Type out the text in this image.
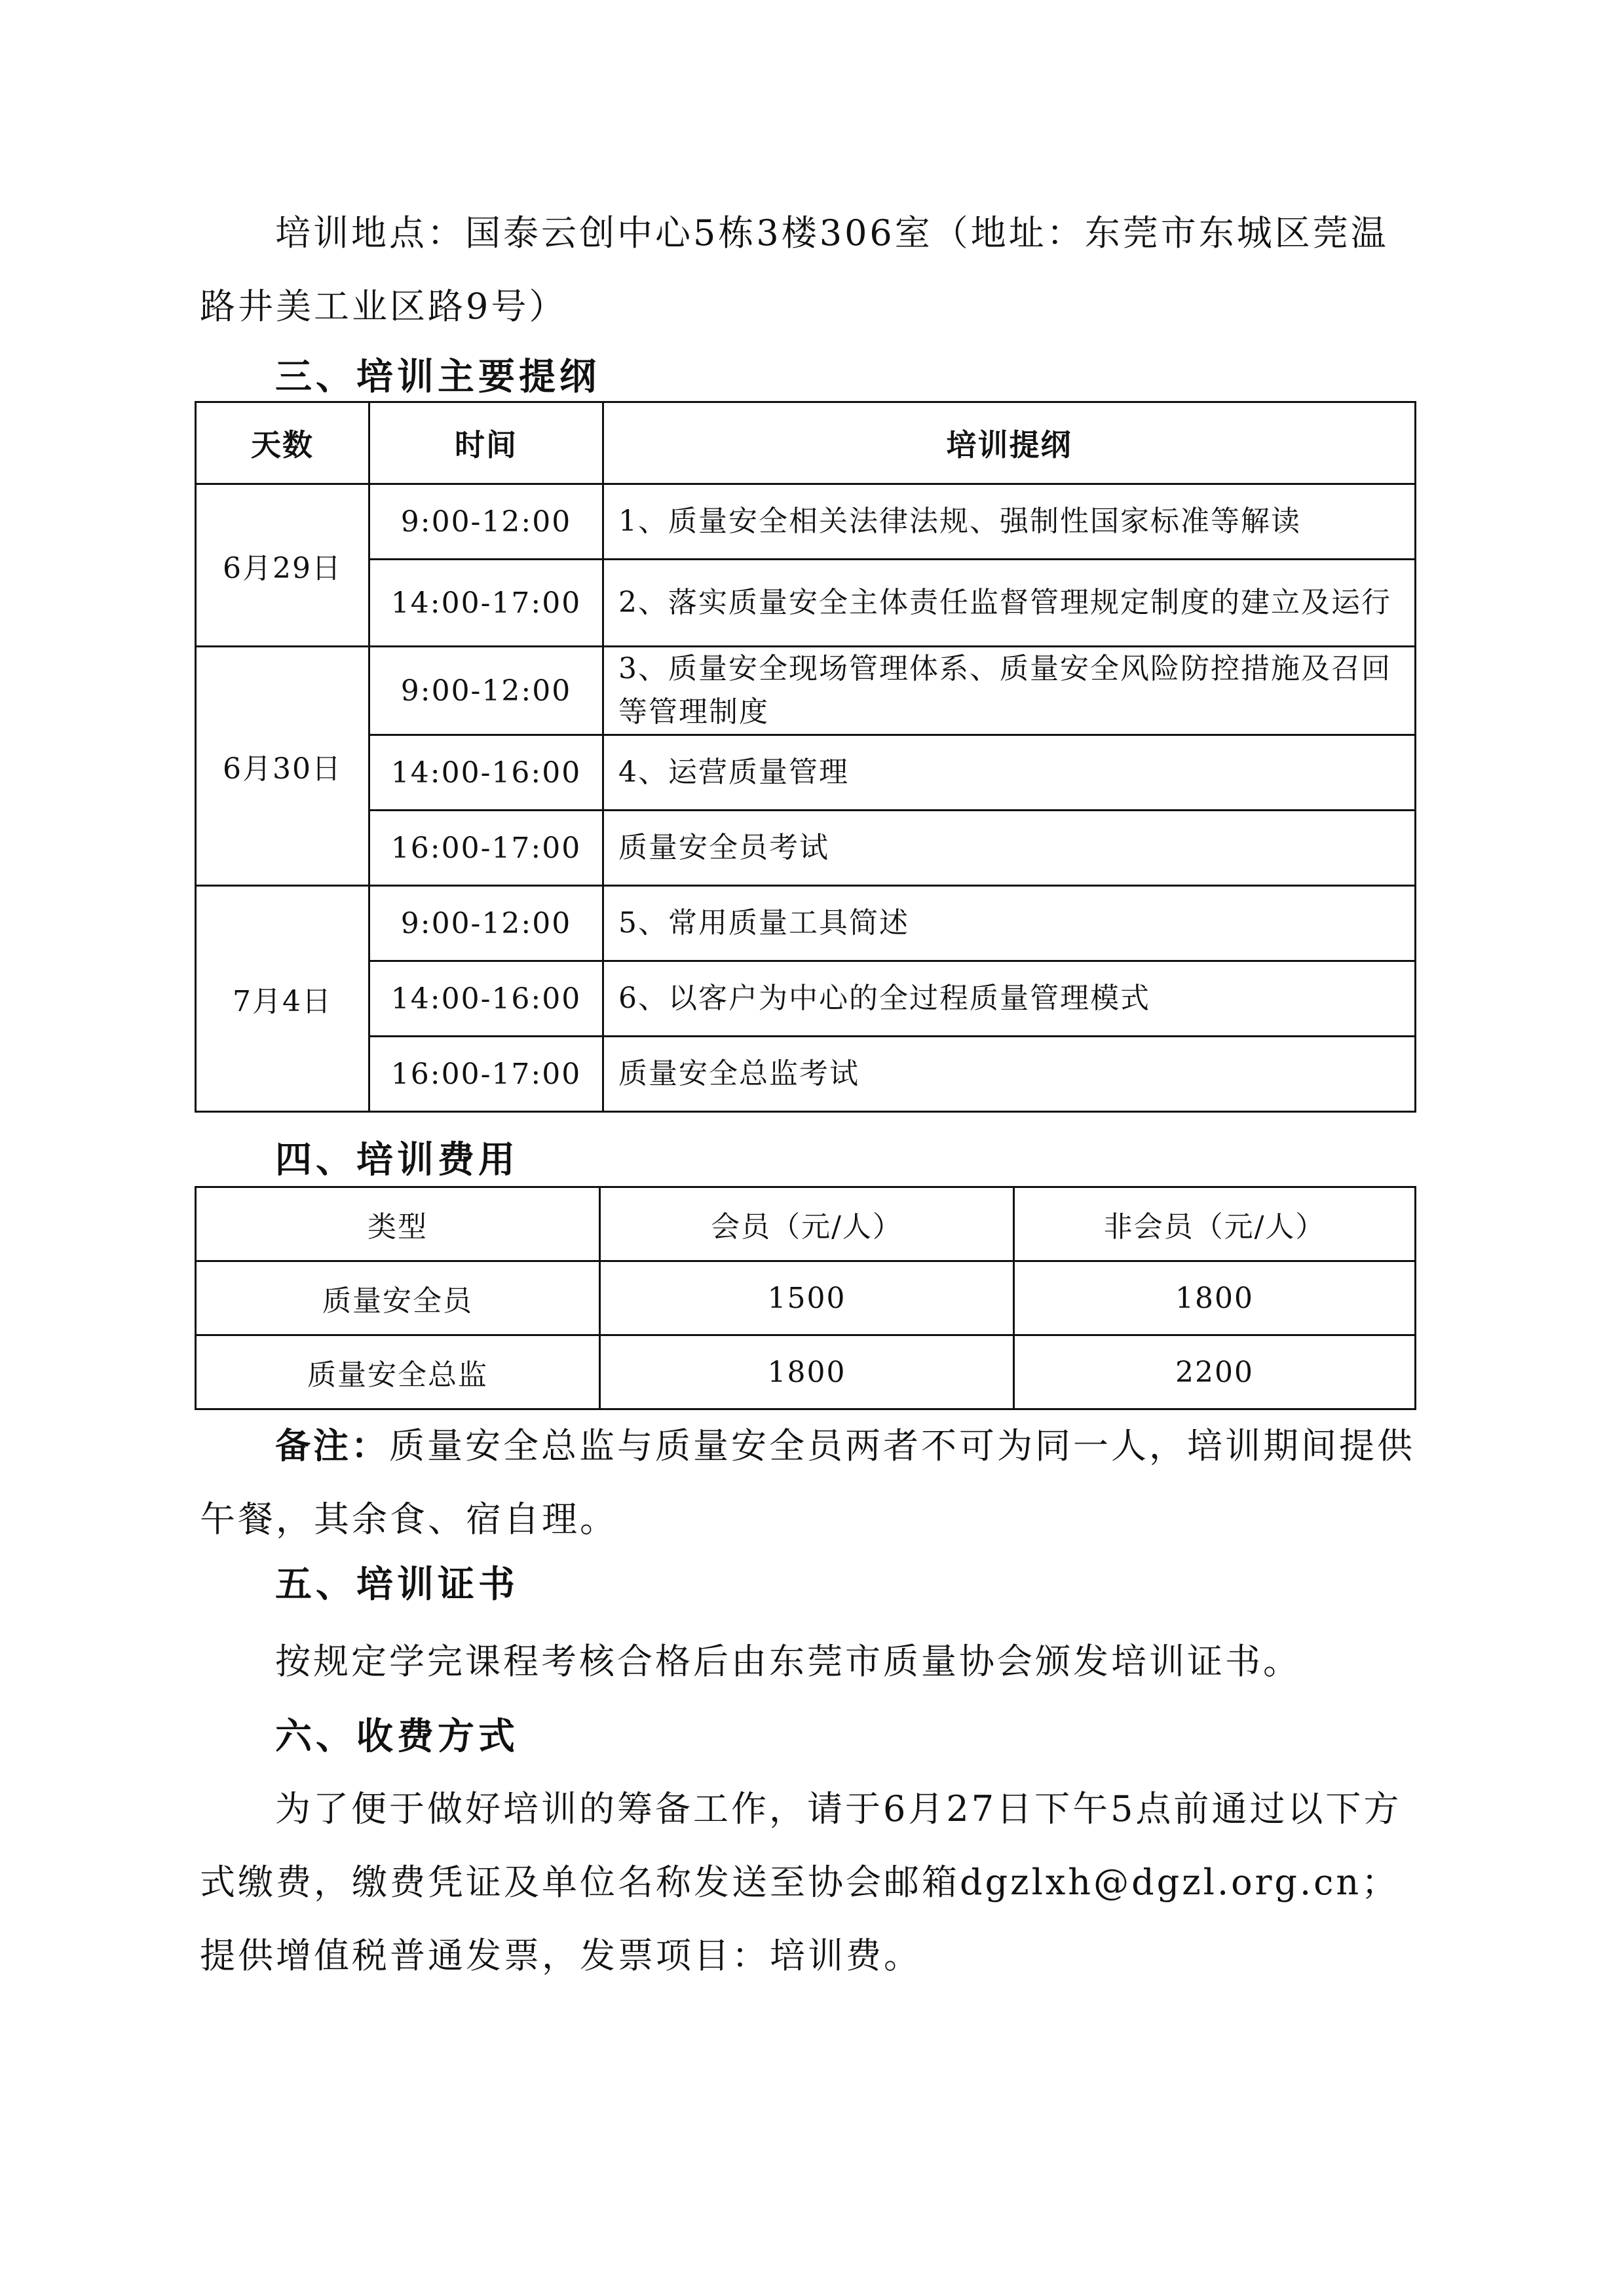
培训地点：国泰云创中心5栋3楼306室（地址：东莞市东城区莞温
路井美工业区路9号）
三、培训主要提纲
天数	时间	培训提纲
6月29日	9:00-12:00	1、质量安全相关法律法规、强制性国家标准等解读
	14:00-17:00	2、落实质量安全主体责任监督管理规定制度的建立及运行
6月30日	9:00-12:00	3、质量安全现场管理体系、质量安全风险防控措施及召回等管理制度
	14:00-16:00	4、运营质量管理
	16:00-17:00	质量安全员考试
7月4日	9:00-12:00	5、常用质量工具简述
	14:00-16:00	6、以客户为中心的全过程质量管理模式
	16:00-17:00	质量安全总监考试
四、培训费用
类型	会员（元/人）	非会员（元/人）
质量安全员	1500	1800
质量安全总监	1800	2200
备注：质量安全总监与质量安全员两者不可为同一人，培训期间提供午餐，其余食、宿自理。
五、培训证书
按规定学完课程考核合格后由东莞市质量协会颁发培训证书。
六、收费方式
为了便于做好培训的筹备工作，请于6月27日下午5点前通过以下方式缴费，缴费凭证及单位名称发送至协会邮箱dgzlxh@dgzl.org.cn；提供增值税普通发票，发票项目：培训费。
